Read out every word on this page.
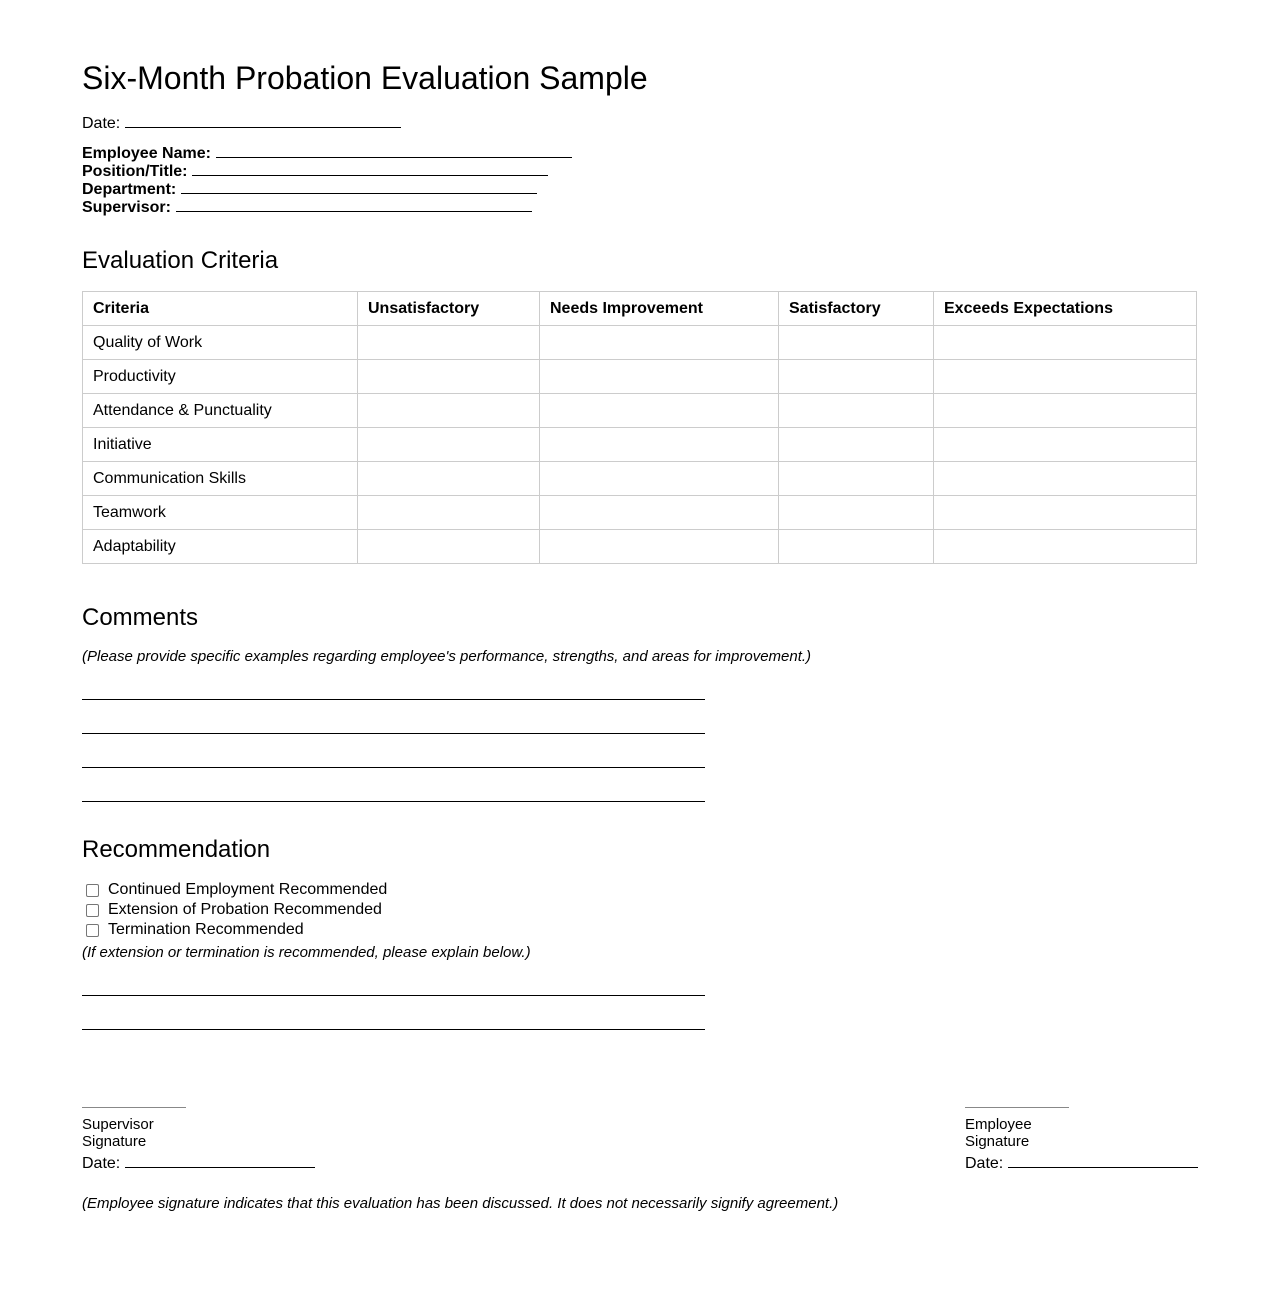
Six-Month Probation Evaluation Sample
Date:
Employee Name:
Position/Title:
Department:
Supervisor:
Evaluation Criteria
Criteria	Unsatisfactory	Needs Improvement	Satisfactory	Exceeds Expectations
Quality of Work				
Productivity				
Attendance & Punctuality				
Initiative				
Communication Skills				
Teamwork				
Adaptability				
Comments
(Please provide specific examples regarding employee's performance, strengths, and areas for improvement.)
Recommendation
Continued Employment Recommended
Extension of Probation Recommended
Termination Recommended
(If extension or termination is recommended, please explain below.)
Supervisor Signature
Date:
Employee Signature
Date:
(Employee signature indicates that this evaluation has been discussed. It does not necessarily signify agreement.)
